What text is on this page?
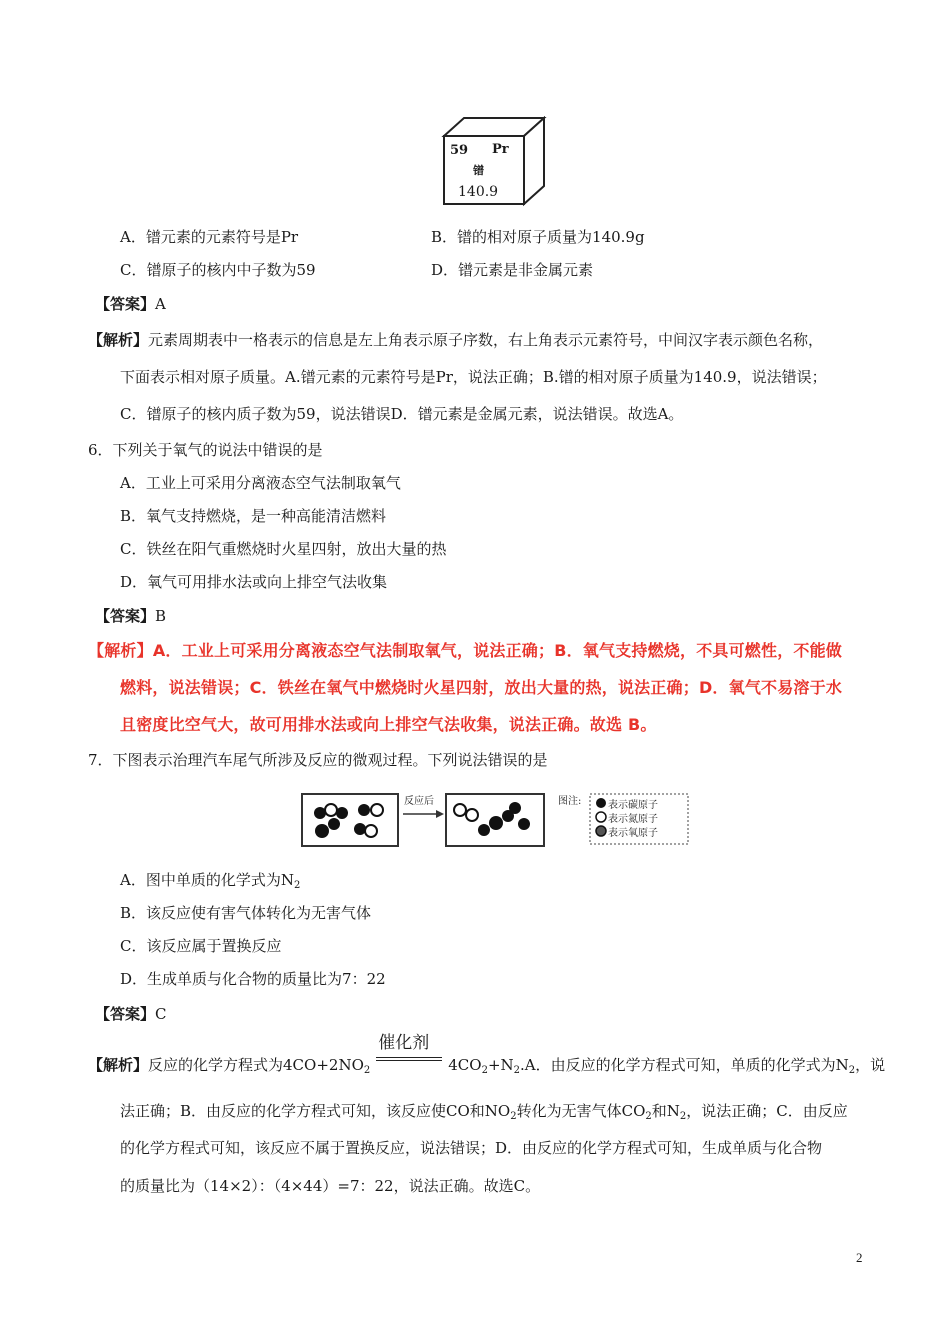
59 Pr
镨
140.9
A．镨元素的元素符号是Pr	B．镨的相对原子质量为140.9g
C．镨原子的核内中子数为59	D．镨元素是非金属元素
【答案】A
【解析】元素周期表中一格表示的信息是左上角表示原子序数，右上角表示元素符号，中间汉字表示颜色名称，
下面表示相对原子质量。A.镨元素的元素符号是Pr，说法正确；B.镨的相对原子质量为140.9，说法错误；
C．镨原子的核内质子数为59，说法错误D．镨元素是金属元素，说法错误。故选A。
6．下列关于氧气的说法中错误的是
A．工业上可采用分离液态空气法制取氧气
B．氧气支持燃烧，是一种高能清洁燃料
C．铁丝在阳气重燃烧时火星四射，放出大量的热
D．氧气可用排水法或向上排空气法收集
【答案】B
【解析】A．工业上可采用分离液态空气法制取氧气，说法正确；B．氧气支持燃烧，不具可燃性，不能做
燃料，说法错误；C．铁丝在氧气中燃烧时火星四射，放出大量的热，说法正确；D．氧气不易溶于水
且密度比空气大，故可用排水法或向上排空气法收集，说法正确。故选 B。
7．下图表示治理汽车尾气所涉及反应的微观过程。下列说法错误的是
反应后	图注:	表示碳原子
表示氮原子
表示氧原子
A．图中单质的化学式为$N_2$
B．该反应使有害气体转化为无害气体
C．该反应属于置换反应
D．生成单质与化合物的质量比为7：22
【答案】C
【解析】反应的化学方程式为$4CO+2NO_2$
催化剂
$4CO_2+N_2.A$．由反应的化学方程式可知，单质的化学式为$N_2$，说
法正确；B．由反应的化学方程式可知，该反应使CO和$NO_2$转化为无害气体$CO_2$和$N_2$，说法正确；C．由反应
的化学方程式可知，该反应不属于置换反应，说法错误；D．由反应的化学方程式可知，生成单质与化合物
的质量比为（14×2）：（4×44）=7：22，说法正确。故选C。
2
